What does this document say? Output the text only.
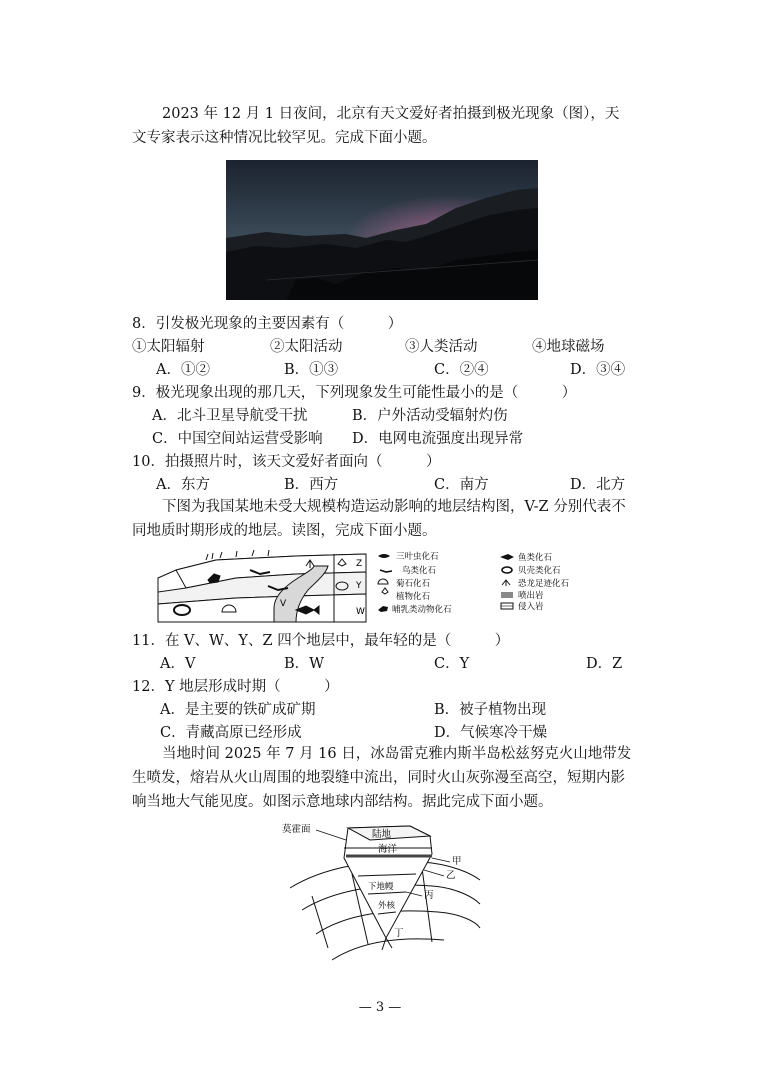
2023 年 12 月 1 日夜间，北京有天文爱好者拍摄到极光现象（图），天文专家表示这种情况比较罕见。完成下面小题。

8．引发极光现象的主要因素有（　　　）
①太阳辐射	②太阳活动	③人类活动	④地球磁场
A．①②	B．①③	C．②④	D．③④
9．极光现象出现的那几天，下列现象发生可能性最小的是（　　　）
A．北斗卫星导航受干扰	B．户外活动受辐射灼伤
C．中国空间站运营受影响 D．电网电流强度出现异常
10．拍摄照片时，该天文爱好者面向（　　　）
A．东方	B．西方	C．南方	D．北方

下图为我国某地未受大规模构造运动影响的地层结构图，V-Z 分别代表不同地质时期形成的地层。读图，完成下面小题。

Z
Y
W
V
三叶虫化石
鸟类化石
菊石化石
植物化石
哺乳类动物化石
鱼类化石
贝壳类化石
恐龙足迹化石
喷出岩
侵入岩
11．在 V、W、Y、Z 四个地层中，最年轻的是（　　　）
A．V	B．W	C．Y	D．Z
12．Y 地层形成时期（　　　）
A．是主要的铁矿成矿期	B．被子植物出现
C．青藏高原已经形成	D．气候寒冷干燥

当地时间 2025 年 7 月 16 日，冰岛雷克雅内斯半岛松兹努克火山地带发生喷发，熔岩从火山周围的地裂缝中流出，同时火山灰弥漫至高空，短期内影响当地大气能见度。如图示意地球内部结构。据此完成下面小题。

莫霍面	陆地
海洋
甲
乙
下地幔
丙
外核
丁
— 3 —
